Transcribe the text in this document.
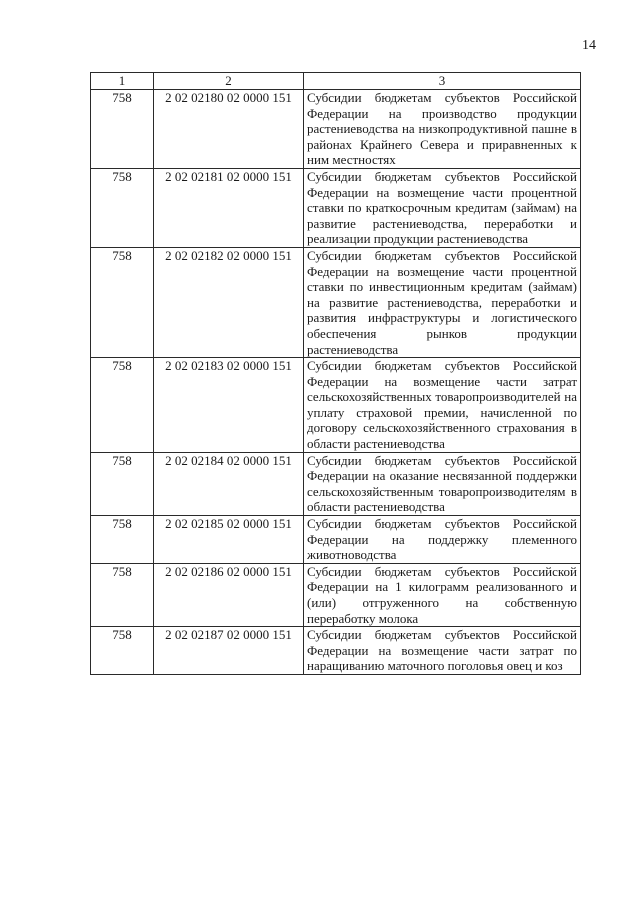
14
1	2	3
758	2 02 02180 02 0000 151	Субсидии бюджетам субъектов Российской Федерации на производство продукции растениеводства на низкопродуктивной пашне в районах Крайнего Севера и приравненных к ним местностях
758	2 02 02181 02 0000 151	Субсидии бюджетам субъектов Российской Федерации на возмещение части процентной ставки по краткосрочным кредитам (займам) на развитие растениеводства, переработки и реализации продукции растениеводства
758	2 02 02182 02 0000 151	Субсидии бюджетам субъектов Российской Федерации на возмещение части процентной ставки по инвестиционным кредитам (займам) на развитие растениеводства, переработки и развития инфраструктуры и логистического обеспечения рынков продукции растениеводства
758	2 02 02183 02 0000 151	Субсидии бюджетам субъектов Российской Федерации на возмещение части затрат сельскохозяйственных товаропроизводителей на уплату страховой премии, начисленной по договору сельскохозяйственного страхования в области растениеводства
758	2 02 02184 02 0000 151	Субсидии бюджетам субъектов Российской Федерации на оказание несвязанной поддержки сельскохозяйственным товаропроизводителям в области растениеводства
758	2 02 02185 02 0000 151	Субсидии бюджетам субъектов Российской Федерации на поддержку племенного животноводства
758	2 02 02186 02 0000 151	Субсидии бюджетам субъектов Российской Федерации на 1 килограмм реализованного и (или) отгруженного на собственную переработку молока
758	2 02 02187 02 0000 151	Субсидии бюджетам субъектов Российской Федерации на возмещение части затрат по наращиванию маточного поголовья овец и коз
